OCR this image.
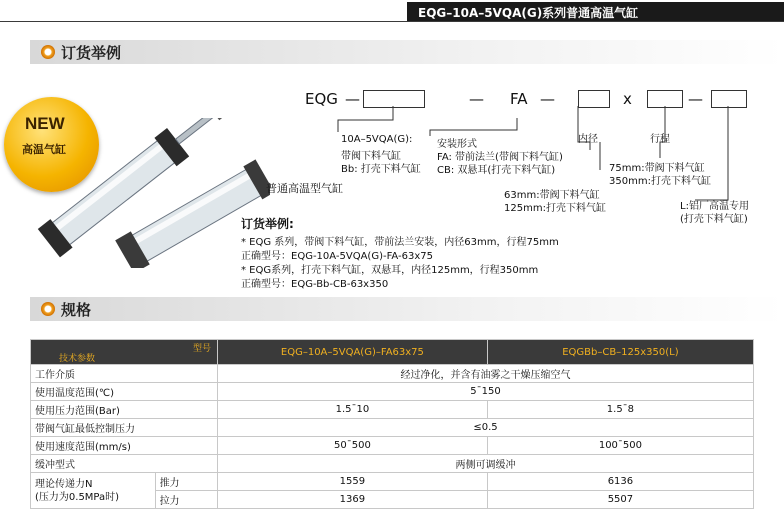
EQG–10A–5VQA(G)系列普通高温气缸
订货举例
NEW
高温气缸
普通高温型气缸
EQG —	— FA —	x	—
10A–5VQA(G):
带阀下料气缸
Bb: 打壳下料气缸
安装形式
FA: 带前法兰(带阀下料气缸)
CB: 双悬耳(打壳下料气缸)
内径
63mm:带阀下料气缸
125mm:打壳下料气缸
行程
75mm:带阀下料气缸
350mm:打壳下料气缸
L:铝厂高温专用
(打壳下料气缸)
订货举例:
* EQG 系列，带阀下料气缸，带前法兰安装，内径63mm，行程75mm
正确型号：EQG-10A-5VQA(G)-FA-63x75
* EQG系列，打壳下料气缸，双悬耳，内径125mm，行程350mm
正确型号：EQG-Bb-CB-63x350
规格
型号
技术参数		EQG–10A–5VQA(G)–FA63x75	EQGBb–CB–125x350(L)
工作介质		经过净化，并含有油雾之干燥压缩空气	
使用温度范围(℃)		5¯150	
使用压力范围(Bar)		1.5¯10	1.5¯8
带阀气缸最低控制压力		≤0.5	
使用速度范围(mm/s)		50¯500	100¯500
缓冲型式		两侧可调缓冲	

理论传递力N
(压力为0.5MPa时)	推力	1559	6136
	拉力	1369	5507
